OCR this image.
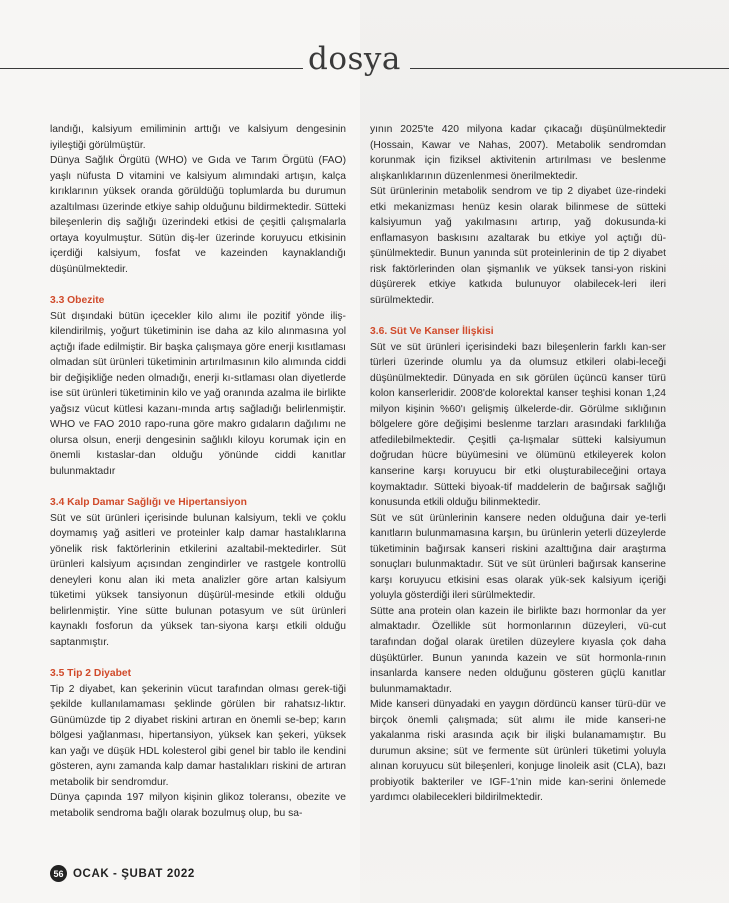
dosya

landığı, kalsiyum emiliminin arttığı ve kalsiyum dengesinin iyileştiği görülmüştür.

Dünya Sağlık Örgütü (WHO) ve Gıda ve Tarım Örgütü (FAO) yaşlı nüfusta D vitamini ve kalsiyum alımındaki artışın, kalça kırıklarının yüksek oranda görüldüğü toplumlarda bu durumun azaltılması üzerinde etkiye sahip olduğunu bildirmektedir. Sütteki bileşenlerin diş sağlığı üzerindeki etkisi de çeşitli çalışmalarla ortaya koyulmuştur. Sütün diş-ler üzerinde koruyucu etkisinin içerdiği kalsiyum, fosfat ve kazeinden kaynaklandığı düşünülmektedir.

3.3 Obezite

Süt dışındaki bütün içecekler kilo alımı ile pozitif yönde iliş-kilendirilmiş, yoğurt tüketiminin ise daha az kilo alınmasına yol açtığı ifade edilmiştir. Bir başka çalışmaya göre enerji kısıtlaması olmadan süt ürünleri tüketiminin artırılmasının kilo alımında ciddi bir değişikliğe neden olmadığı, enerji kı-sıtlaması olan diyetlerde ise süt ürünleri tüketiminin kilo ve yağ oranında azalma ile birlikte yağsız vücut kütlesi kazanı-mında artış sağladığı belirlenmiştir. WHO ve FAO 2010 rapo-runa göre makro gıdaların dağılımı ne olursa olsun, enerji dengesinin sağlıklı kiloyu korumak için en önemli kıstaslar-dan olduğu yönünde ciddi kanıtlar bulunmaktadır

3.4 Kalp Damar Sağlığı ve Hipertansiyon

Süt ve süt ürünleri içerisinde bulunan kalsiyum, tekli ve çoklu doymamış yağ asitleri ve proteinler kalp damar hastalıklarına yönelik risk faktörlerinin etkilerini azaltabil-mektedirler. Süt ürünleri kalsiyum açısından zengindirler ve rastgele kontrollü deneyleri konu alan iki meta analizler göre artan kalsiyum tüketimi yüksek tansiyonun düşürül-mesinde etkili olduğu belirlenmiştir. Yine sütte bulunan potasyum ve süt ürünleri kaynaklı fosforun da yüksek tan-siyona karşı etkili olduğu saptanmıştır.

3.5 Tip 2 Diyabet

Tip 2 diyabet, kan şekerinin vücut tarafından olması gerek-tiği şekilde kullanılamaması şeklinde görülen bir rahatsız-lıktır. Günümüzde tip 2 diyabet riskini artıran en önemli se-bep; karın bölgesi yağlanması, hipertansiyon, yüksek kan şekeri, yüksek kan yağı ve düşük HDL kolesterol gibi genel bir tablo ile kendini gösteren, aynı zamanda kalp damar hastalıkları riskini de artıran metabolik bir sendromdur.

Dünya çapında 197 milyon kişinin glikoz toleransı, obezite ve metabolik sendroma bağlı olarak bozulmuş olup, bu sa-

yının 2025'te 420 milyona kadar çıkacağı düşünülmektedir (Hossain, Kawar ve Nahas, 2007). Metabolik sendromdan korunmak için fiziksel aktivitenin artırılması ve beslenme alışkanlıklarının düzenlenmesi önerilmektedir.

Süt ürünlerinin metabolik sendrom ve tip 2 diyabet üze-rindeki etki mekanizması henüz kesin olarak bilinmese de sütteki kalsiyumun yağ yakılmasını artırıp, yağ dokusunda-ki enflamasyon baskısını azaltarak bu etkiye yol açtığı dü-şünülmektedir. Bunun yanında süt proteinlerinin de tip 2 diyabet risk faktörlerinden olan şişmanlık ve yüksek tansi-yon riskini düşürerek etkiye katkıda bulunuyor olabilecek-leri ileri sürülmektedir.

3.6. Süt Ve Kanser İlişkisi

Süt ve süt ürünleri içerisindeki bazı bileşenlerin farklı kan-ser türleri üzerinde olumlu ya da olumsuz etkileri olabi-leceği düşünülmektedir. Dünyada en sık görülen üçüncü kanser türü kolon kanserleridir. 2008'de kolorektal kanser teşhisi konan 1,24 milyon kişinin %60'ı gelişmiş ülkelerde-dir. Görülme sıklığının bölgelere göre değişimi beslenme tarzları arasındaki farklılığa atfedilebilmektedir. Çeşitli ça-lışmalar sütteki kalsiyumun doğrudan hücre büyümesini ve ölümünü etkileyerek kolon kanserine karşı koruyucu bir etki oluşturabileceğini ortaya koymaktadır. Sütteki biyoak-tif maddelerin de bağırsak sağlığı konusunda etkili olduğu bilinmektedir.

Süt ve süt ürünlerinin kansere neden olduğuna dair ye-terli kanıtların bulunmamasına karşın, bu ürünlerin yeterli düzeylerde tüketiminin bağırsak kanseri riskini azalttığına dair araştırma sonuçları bulunmaktadır. Süt ve süt ürünleri bağırsak kanserine karşı koruyucu etkisini esas olarak yük-sek kalsiyum içeriği yoluyla gösterdiği ileri sürülmektedir.

Sütte ana protein olan kazein ile birlikte bazı hormonlar da yer almaktadır. Özellikle süt hormonlarının düzeyleri, vü-cut tarafından doğal olarak üretilen düzeylere kıyasla çok daha düşüktürler. Bunun yanında kazein ve süt hormonla-rının insanlarda kansere neden olduğunu gösteren güçlü kanıtlar bulunmamaktadır.

Mide kanseri dünyadaki en yaygın dördüncü kanser türü-dür ve birçok önemli çalışmada; süt alımı ile mide kanseri-ne yakalanma riski arasında açık bir ilişki bulanamamıştır. Bu durumun aksine; süt ve fermente süt ürünleri tüketimi yoluyla alınan koruyucu süt bileşenleri, konjuge linoleik asit (CLA), bazı probiyotik bakteriler ve IGF-1'nin mide kan-serini önlemede yardımcı olabilecekleri bildirilmektedir.

56 OCAK - ŞUBAT 2022
